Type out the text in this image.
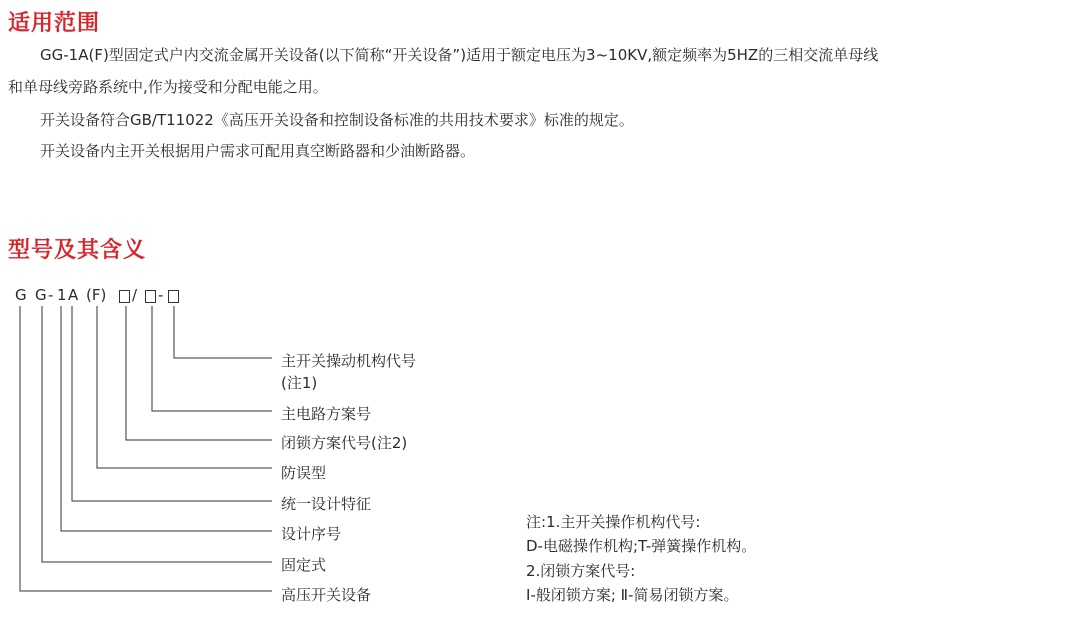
适用范围
GG-1A(F)型固定式户内交流金属开关设备(以下简称“开关设备”)适用于额定电压为3~10KV,额定频率为5HZ的三相交流单母线
和单母线旁路系统中,作为接受和分配电能之用。
开关设备符合GB/T11022《高压开关设备和控制设备标准的共用技术要求》标准的规定。
开关设备内主开关根据用户需求可配用真空断路器和少油断路器。
型号及其含义
G G - 1 A (F) / -
主开关操动机构代号
(注1)
主电路方案号
闭锁方案代号(注2)
防误型
统一设计特征
设计序号
固定式
高压开关设备
注:1.主开关操作机构代号:
D-电磁操作机构;T-弹簧操作机构。
2.闭锁方案代号:
Ⅰ-般闭锁方案; Ⅱ-简易闭锁方案。
